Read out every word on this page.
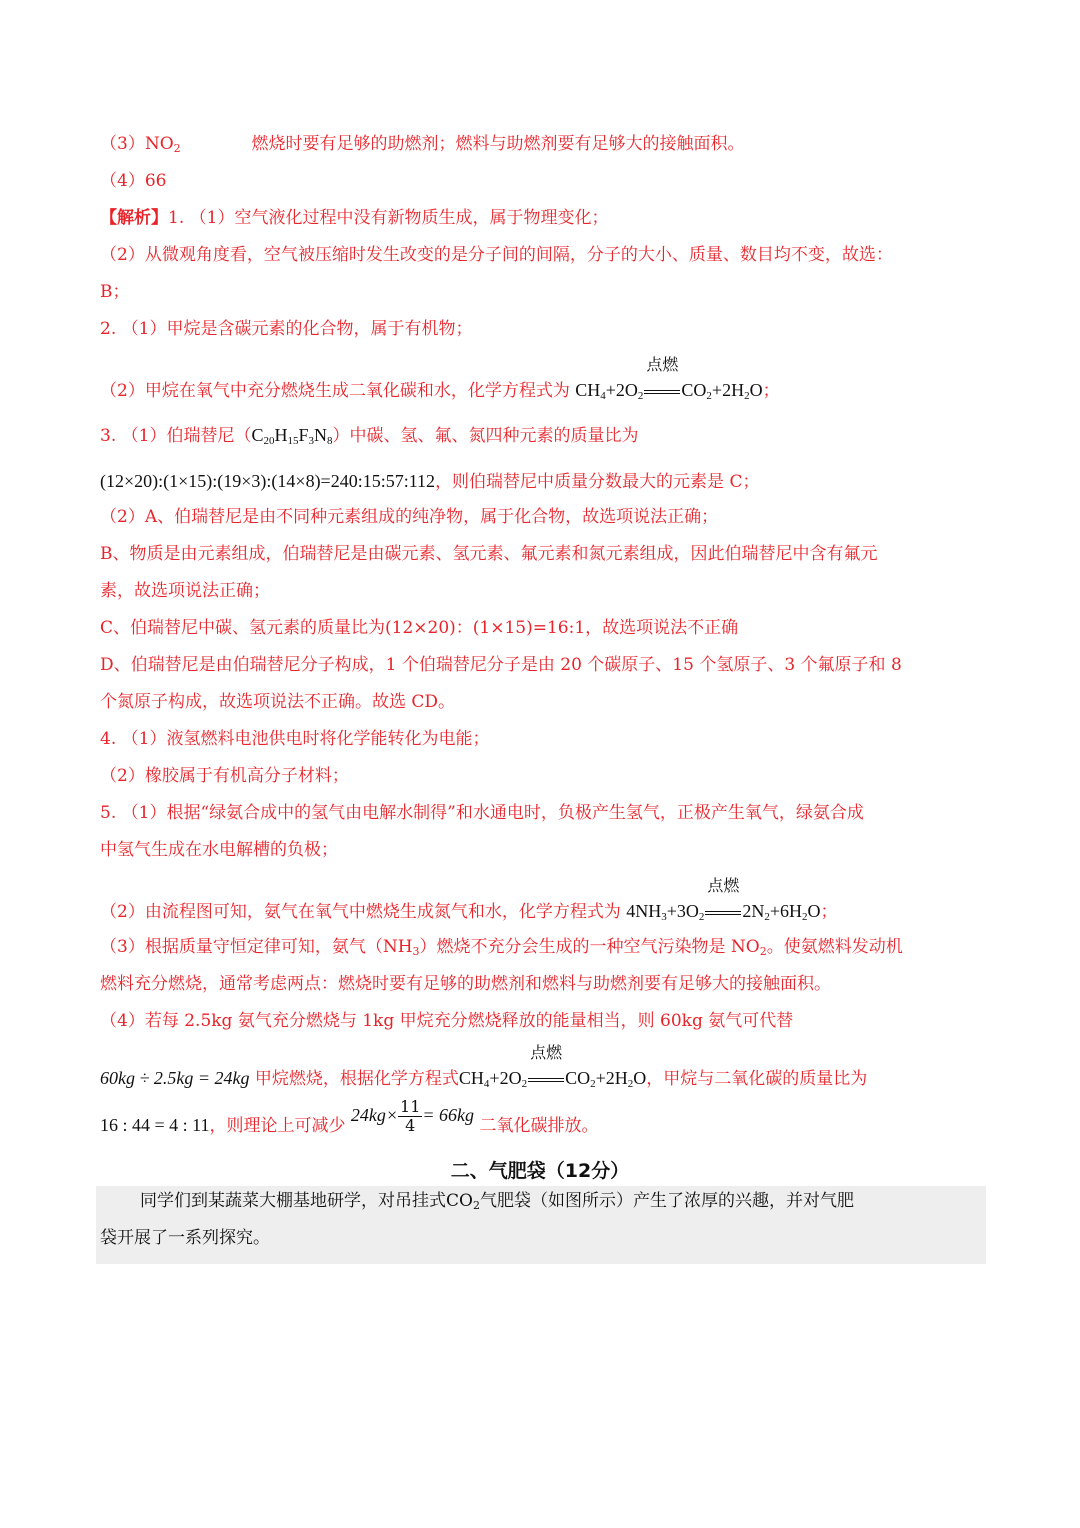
$(3)NO_2$	燃烧时要有足够的助燃剂；燃料与助燃剂要有足够大的接触面积。
（4）66
【解析】1. （1）空气液化过程中没有新物质生成，属于物理变化；
（2）从微观角度看，空气被压缩时发生改变的是分子间的间隔，分子的大小、质量、数目均不变，故选：
B；
2. （1）甲烷是含碳元素的化合物，属于有机物；
（2）甲烷在氧气中充分燃烧生成二氧化碳和水，化学方程式为 $CH_4+2O_2$
点燃
$CO_2+2H_2O$；
3. （1）伯瑞替尼$(C_{20}H_{15}F_3N_8)$中碳、氢、氟、氮四种元素的质量比为
(12×20):(1×15):(19×3):(14×8)=240:15:57:112，则伯瑞替尼中质量分数最大的元素是 C；
（2）A、伯瑞替尼是由不同种元素组成的纯净物，属于化合物，故选项说法正确；
B、物质是由元素组成，伯瑞替尼是由碳元素、氢元素、氟元素和氮元素组成，因此伯瑞替尼中含有氟元
素，故选项说法正确；
C、伯瑞替尼中碳、氢元素的质量比为(12×20)：(1×15)=16:1，故选项说法不正确
D、伯瑞替尼是由伯瑞替尼分子构成，1 个伯瑞替尼分子是由 20 个碳原子、15 个氢原子、3 个氟原子和 8
个氮原子构成，故选项说法不正确。故选 CD。
4. （1）液氢燃料电池供电时将化学能转化为电能；
（2）橡胶属于有机高分子材料；
5. （1）根据“绿氨合成中的氢气由电解水制得”和水通电时，负极产生氢气，正极产生氧气，绿氨合成
中氢气生成在水电解槽的负极；
（2）由流程图可知，氨气在氧气中燃烧生成氮气和水，化学方程式为 $4NH_3+3O_2$
点燃
$2N_2+6H_2O$；
（3）根据质量守恒定律可知，氨气$(NH_3)$燃烧不充分会生成的一种空气污染物是 $NO_2$。使氨燃料发动机
燃料充分燃烧，通常考虑两点：燃烧时要有足够的助燃剂和燃料与助燃剂要有足够大的接触面积。
（4）若每 2.5kg 氨气充分燃烧与 1kg 甲烷充分燃烧释放的能量相当，则 60kg 氨气可代替
60kg ÷ 2.5kg = 24kg 甲烷燃烧，根据化学方程式$CH_4+2O_2$
点燃
$CO_2+2H_2O$，甲烷与二氧化碳的质量比为
16 : 44 = 4 : 11，则理论上可减少 $24kg\times \frac{11}{4} = 66kg$ 二氧化碳排放。
二、气肥袋（12分）
同学们到某蔬菜大棚基地研学，对吊挂式$CO_2$气肥袋（如图所示）产生了浓厚的兴趣，并对气肥
袋开展了一系列探究。
